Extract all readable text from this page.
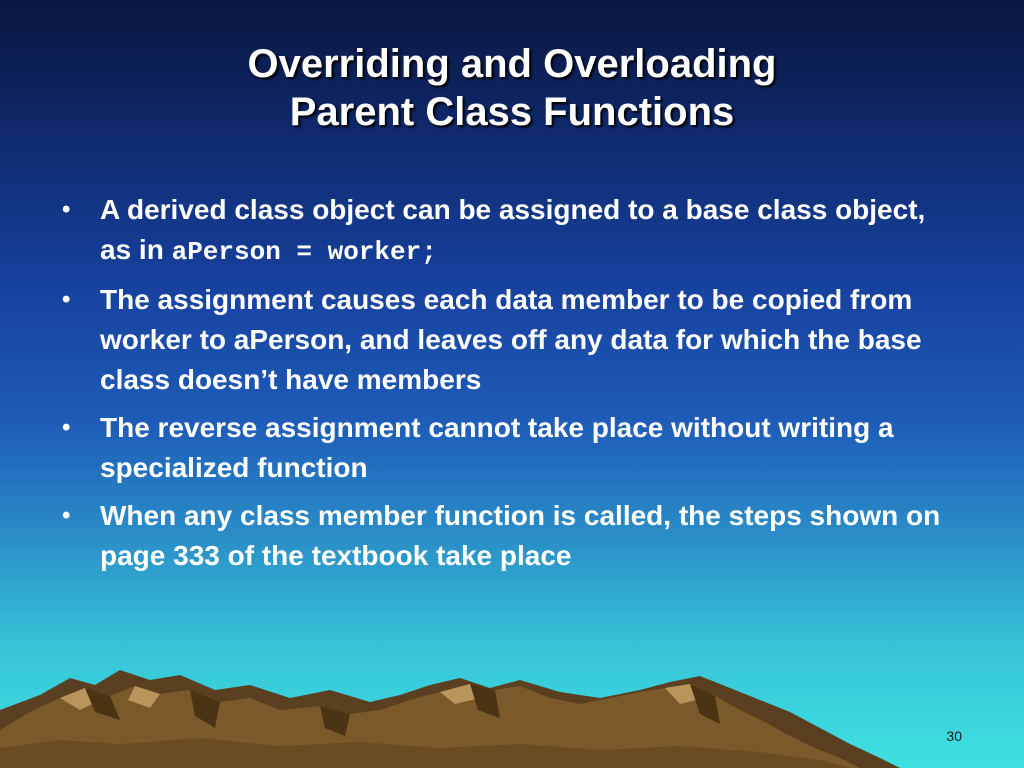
Overriding and Overloading
Parent Class Functions
• A derived class object can be assigned to a base class object, as in aPerson = worker;
• The assignment causes each data member to be copied from worker to aPerson, and leaves off any data for which the base class doesn’t have members
• The reverse assignment cannot take place without writing a specialized function
• When any class member function is called, the steps shown on page 333 of the textbook take place
30
